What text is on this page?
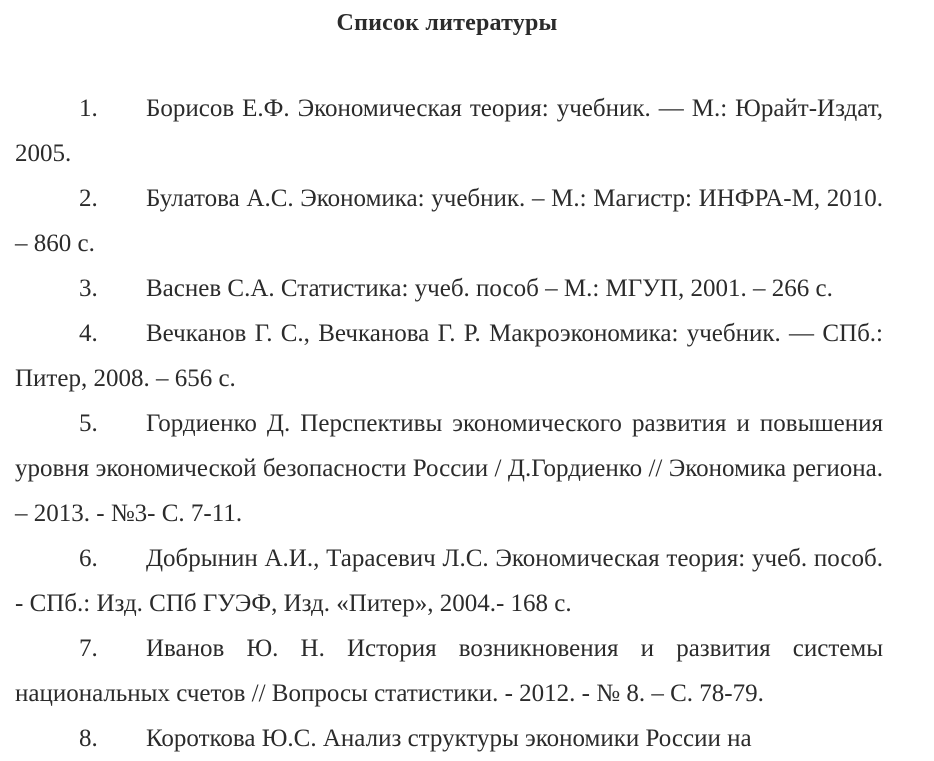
Список литературы
1. Борисов Е.Ф. Экономическая теория: учебник. — М.: Юрайт-Издат, 2005.
2. Булатова А.С. Экономика: учебник. – М.: Магистр: ИНФРА-М, 2010. – 860 с.
3. Васнев С.А. Статистика: учеб. пособ – М.: МГУП, 2001. – 266 с.
4. Вечканов Г. С., Вечканова Г. Р. Макроэкономика: учебник. — СПб.: Питер, 2008. – 656 с.
5. Гордиенко Д. Перспективы экономического развития и повышения уровня экономической безопасности России / Д.Гордиенко // Экономика региона. – 2013. - №3- С. 7-11.
6. Добрынин А.И., Тарасевич Л.С. Экономическая теория: учеб. пособ. - СПб.: Изд. СПб ГУЭФ, Изд. «Питер», 2004.- 168 с.
7. Иванов Ю. Н. История возникновения и развития системы национальных счетов // Вопросы статистики. - 2012. - № 8. – С. 78-79.
8. Короткова Ю.С. Анализ структуры экономики России на
